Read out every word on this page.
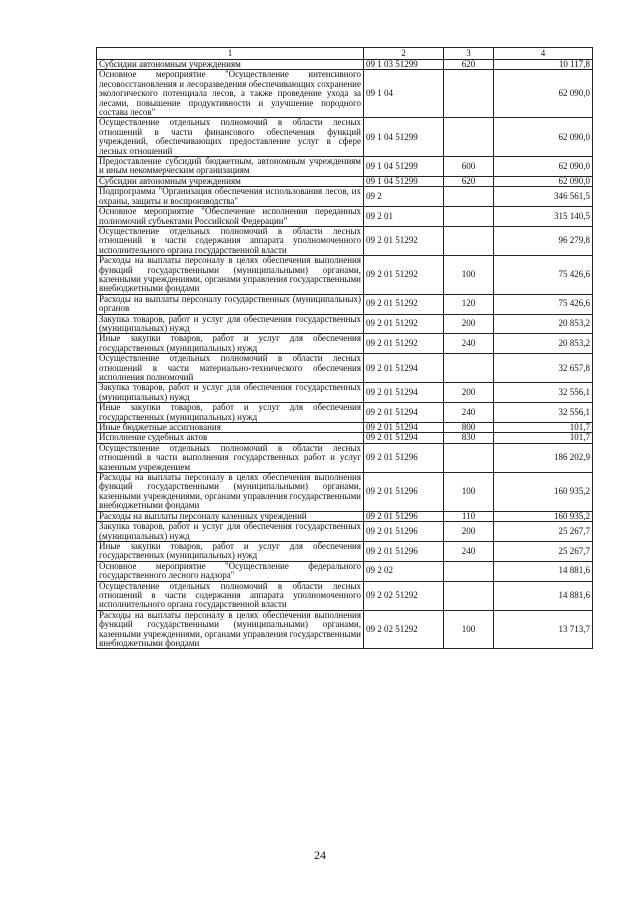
1	2	3	4
Субсидии автономным учреждениям	09 1 03 51299	620	10 117,8
Основное мероприятие "Осуществление интенсивного лесовосстановления и лесоразведения обеспечивающих сохранение экологического потенциала лесов, а также проведение ухода за лесами, повышение продуктивности и улучшение породного состава лесов"	09 1 04		62 090,0
Осуществление отдельных полномочий в области лесных отношений в части финансового обеспечения функций учреждений, обеспечивающих предоставление услуг в сфере лесных отношений	09 1 04 51299		62 090,0
Предоставление субсидий бюджетным, автономным учреждениям и иным некоммерческим организациям	09 1 04 51299	600	62 090,0
Субсидии автономным учреждениям	09 1 04 51299	620	62 090,0
Подпрограмма "Организация обеспечения использования лесов, их охраны, защиты и воспроизводства"	09 2		346 561,5
Основное мероприятие "Обеспечение исполнения переданных полномочий субъектами Российской Федерации"	09 2 01		315 140,5
Осуществление отдельных полномочий в области лесных отношений в части содержания аппарата уполномоченного исполнительного органа государственной власти	09 2 01 51292		96 279,8
Расходы на выплаты персоналу в целях обеспечения выполнения функций государственными (муниципальными) органами, казенными учреждениями, органами управления государственными внебюджетными фондами	09 2 01 51292	100	75 426,6
Расходы на выплаты персоналу государственных (муниципальных) органов	09 2 01 51292	120	75 426,6
Закупка товаров, работ и услуг для обеспечения государственных (муниципальных) нужд	09 2 01 51292	200	20 853,2
Иные закупки товаров, работ и услуг для обеспечения государственных (муниципальных) нужд	09 2 01 51292	240	20 853,2
Осуществление отдельных полномочий в области лесных отношений в части материально-технического обеспечения исполнения полномочий	09 2 01 51294		32 657,8
Закупка товаров, работ и услуг для обеспечения государственных (муниципальных) нужд	09 2 01 51294	200	32 556,1
Иные закупки товаров, работ и услуг для обеспечения государственных (муниципальных) нужд	09 2 01 51294	240	32 556,1
Иные бюджетные ассигнования	09 2 01 51294	800	101,7
Исполнение судебных актов	09 2 01 51294	830	101,7
Осуществление отдельных полномочий в области лесных отношений в части выполнения государственных работ и услуг казенным учреждением	09 2 01 51296		186 202,9
Расходы на выплаты персоналу в целях обеспечения выполнения функций государственными (муниципальными) органами, казенными учреждениями, органами управления государственными внебюджетными фондами	09 2 01 51296	100	160 935,2
Расходы на выплаты персоналу казенных учреждений	09 2 01 51296	110	160 935,2
Закупка товаров, работ и услуг для обеспечения государственных (муниципальных) нужд	09 2 01 51296	200	25 267,7
Иные закупки товаров, работ и услуг для обеспечения государственных (муниципальных) нужд	09 2 01 51296	240	25 267,7
Основное мероприятие "Осуществление федерального государственного лесного надзора"	09 2 02		14 881,6
Осуществление отдельных полномочий в области лесных отношений в части содержания аппарата уполномоченного исполнительного органа государственной власти	09 2 02 51292		14 881,6
Расходы на выплаты персоналу в целях обеспечения выполнения функций государственными (муниципальными) органами, казенными учреждениями, органами управления государственными внебюджетными фондами	09 2 02 51292	100	13 713,7
24
